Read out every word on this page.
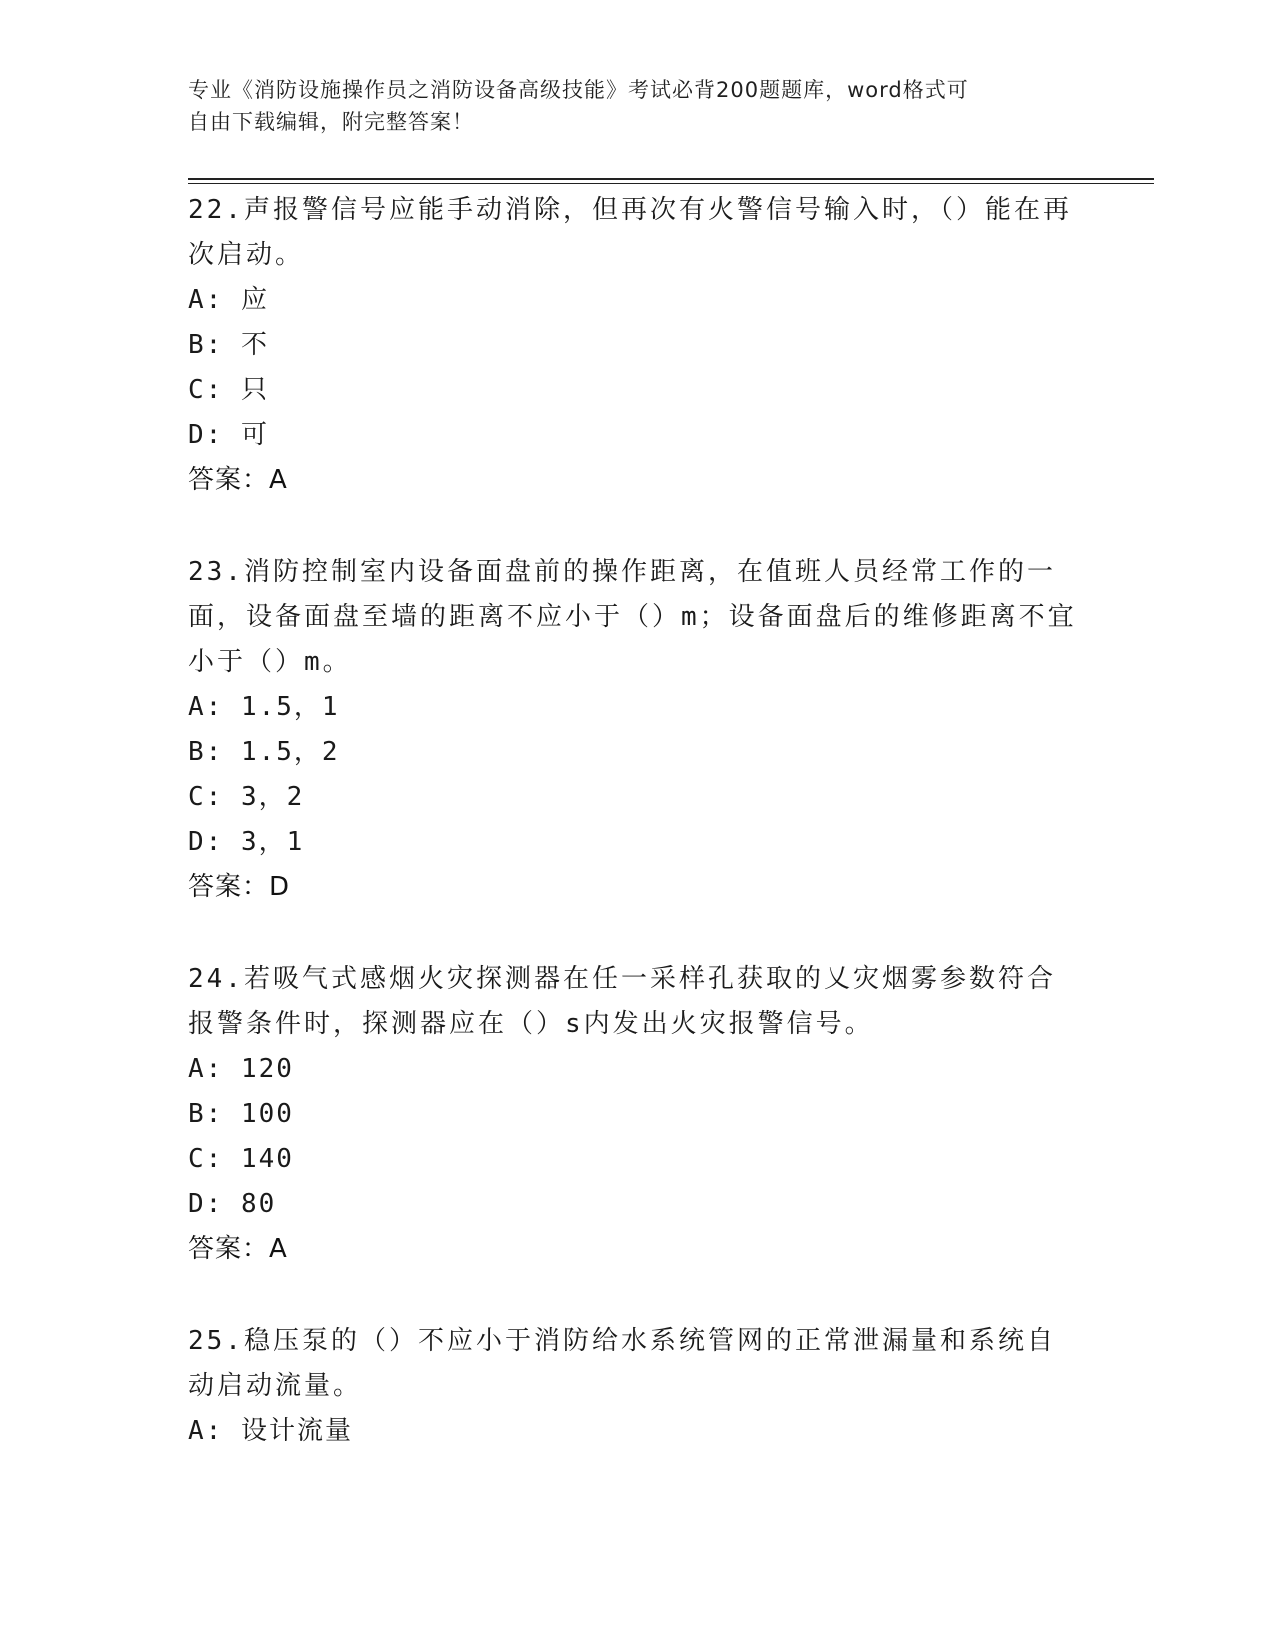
专业《消防设施操作员之消防设备高级技能》考试必背200题题库，word格式可
自由下载编辑，附完整答案！
22.声报警信号应能手动消除，但再次有火警信号输入时，（）能在再次启动。
A: 应
B: 不
C: 只
D: 可
答案：A
23.消防控制室内设备面盘前的操作距离，在值班人员经常工作的一面，设备面盘至墙的距离不应小于（）m；设备面盘后的维修距离不宜小于（）m。
A: 1.5，1
B: 1.5，2
C: 3，2
D: 3，1
答案：D
24.若吸气式感烟火灾探测器在任一采样孔获取的乂灾烟雾参数符合报警条件时，探测器应在（）s内发出火灾报警信号。
A: 120
B: 100
C: 140
D: 80
答案：A
25.稳压泵的（）不应小于消防给水系统管网的正常泄漏量和系统自动启动流量。
A: 设计流量
